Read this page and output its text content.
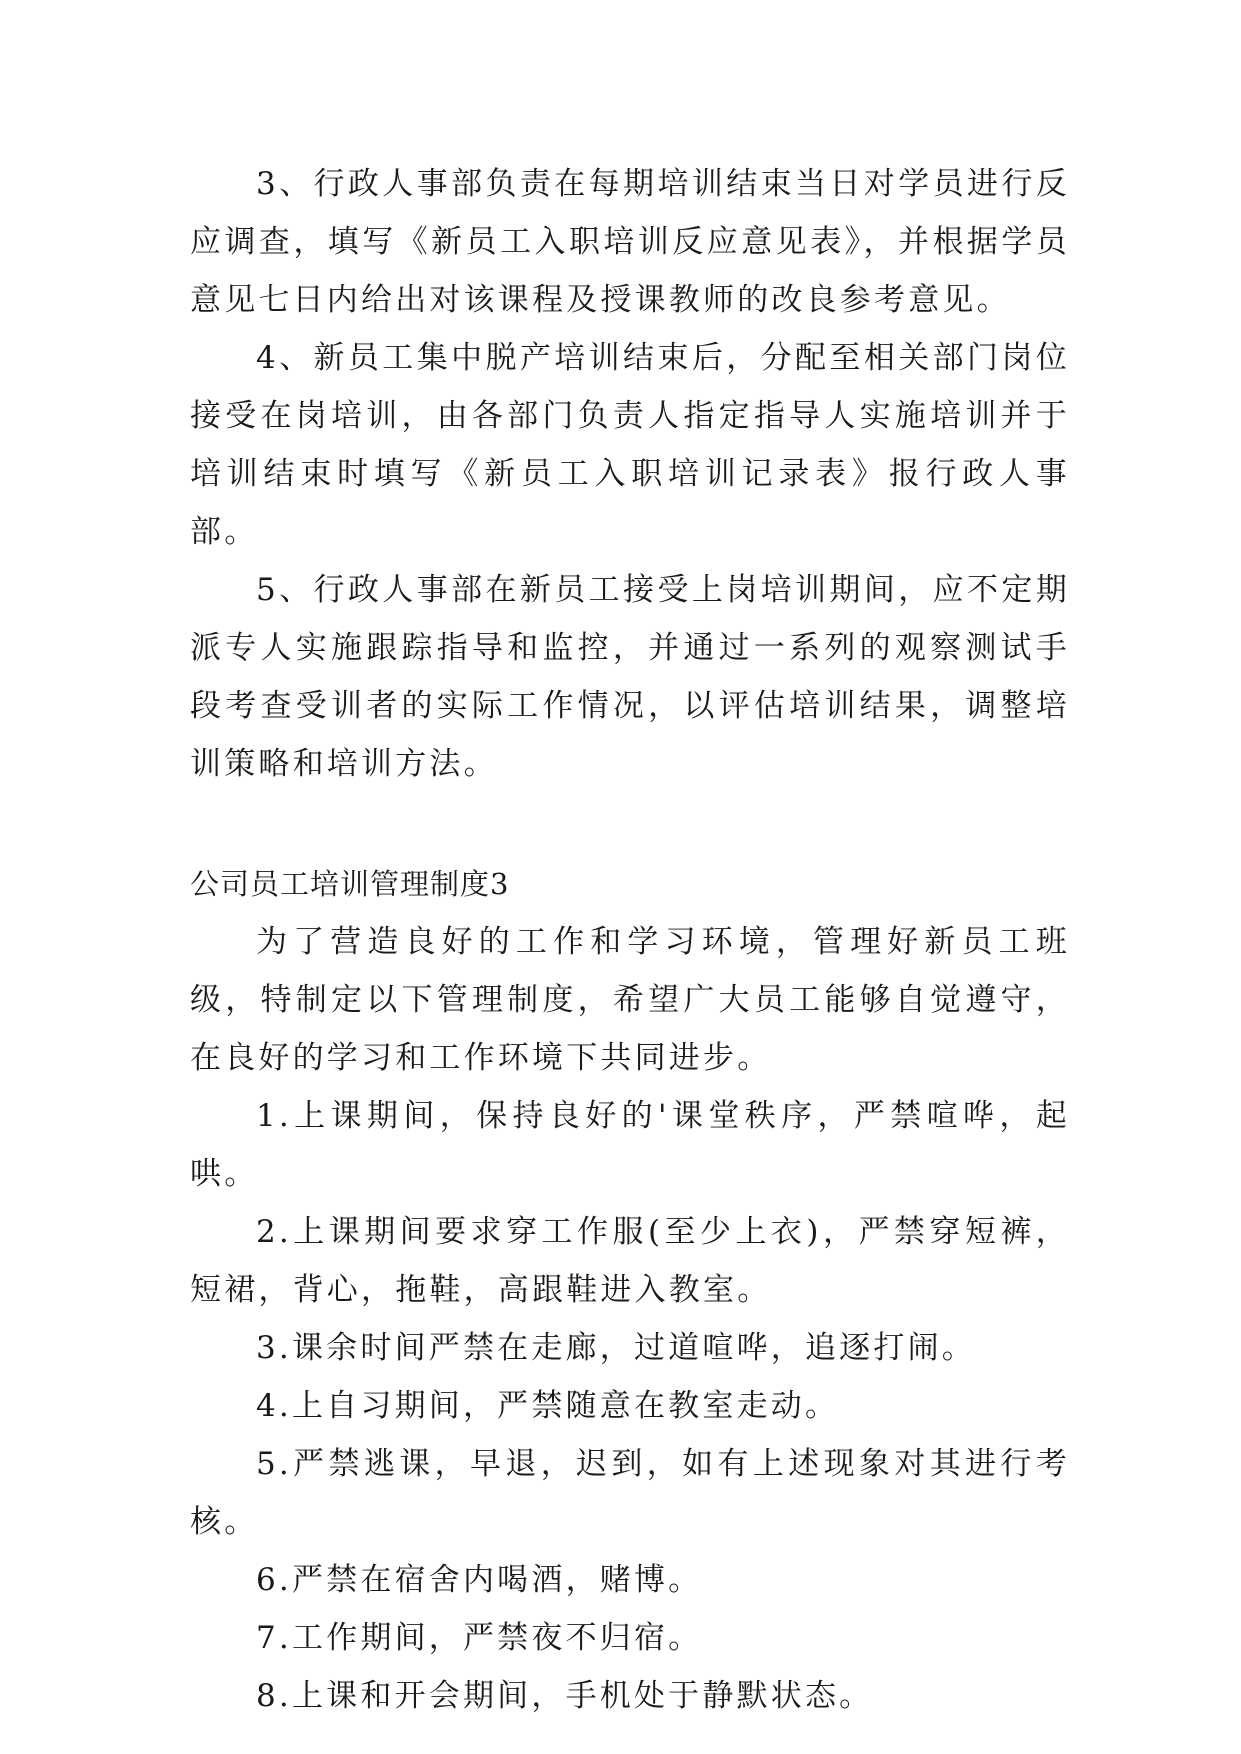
3、行政人事部负责在每期培训结束当日对学员进行反应调查，填写《新员工入职培训反应意见表》，并根据学员意见七日内给出对该课程及授课教师的改良参考意见。

4、新员工集中脱产培训结束后，分配至相关部门岗位接受在岗培训，由各部门负责人指定指导人实施培训并于培训结束时填写《新员工入职培训记录表》报行政人事部。

5、行政人事部在新员工接受上岗培训期间，应不定期派专人实施跟踪指导和监控，并通过一系列的观察测试手段考查受训者的实际工作情况，以评估培训结果，调整培训策略和培训方法。

公司员工培训管理制度3

为了营造良好的工作和学习环境，管理好新员工班级，特制定以下管理制度，希望广大员工能够自觉遵守，在良好的学习和工作环境下共同进步。

1.上课期间，保持良好的'课堂秩序，严禁喧哗，起哄。

2.上课期间要求穿工作服(至少上衣)，严禁穿短裤，短裙，背心，拖鞋，高跟鞋进入教室。

3.课余时间严禁在走廊，过道喧哗，追逐打闹。

4.上自习期间，严禁随意在教室走动。

5.严禁逃课，早退，迟到，如有上述现象对其进行考核。

6.严禁在宿舍内喝酒，赌博。

7.工作期间，严禁夜不归宿。

8.上课和开会期间，手机处于静默状态。
